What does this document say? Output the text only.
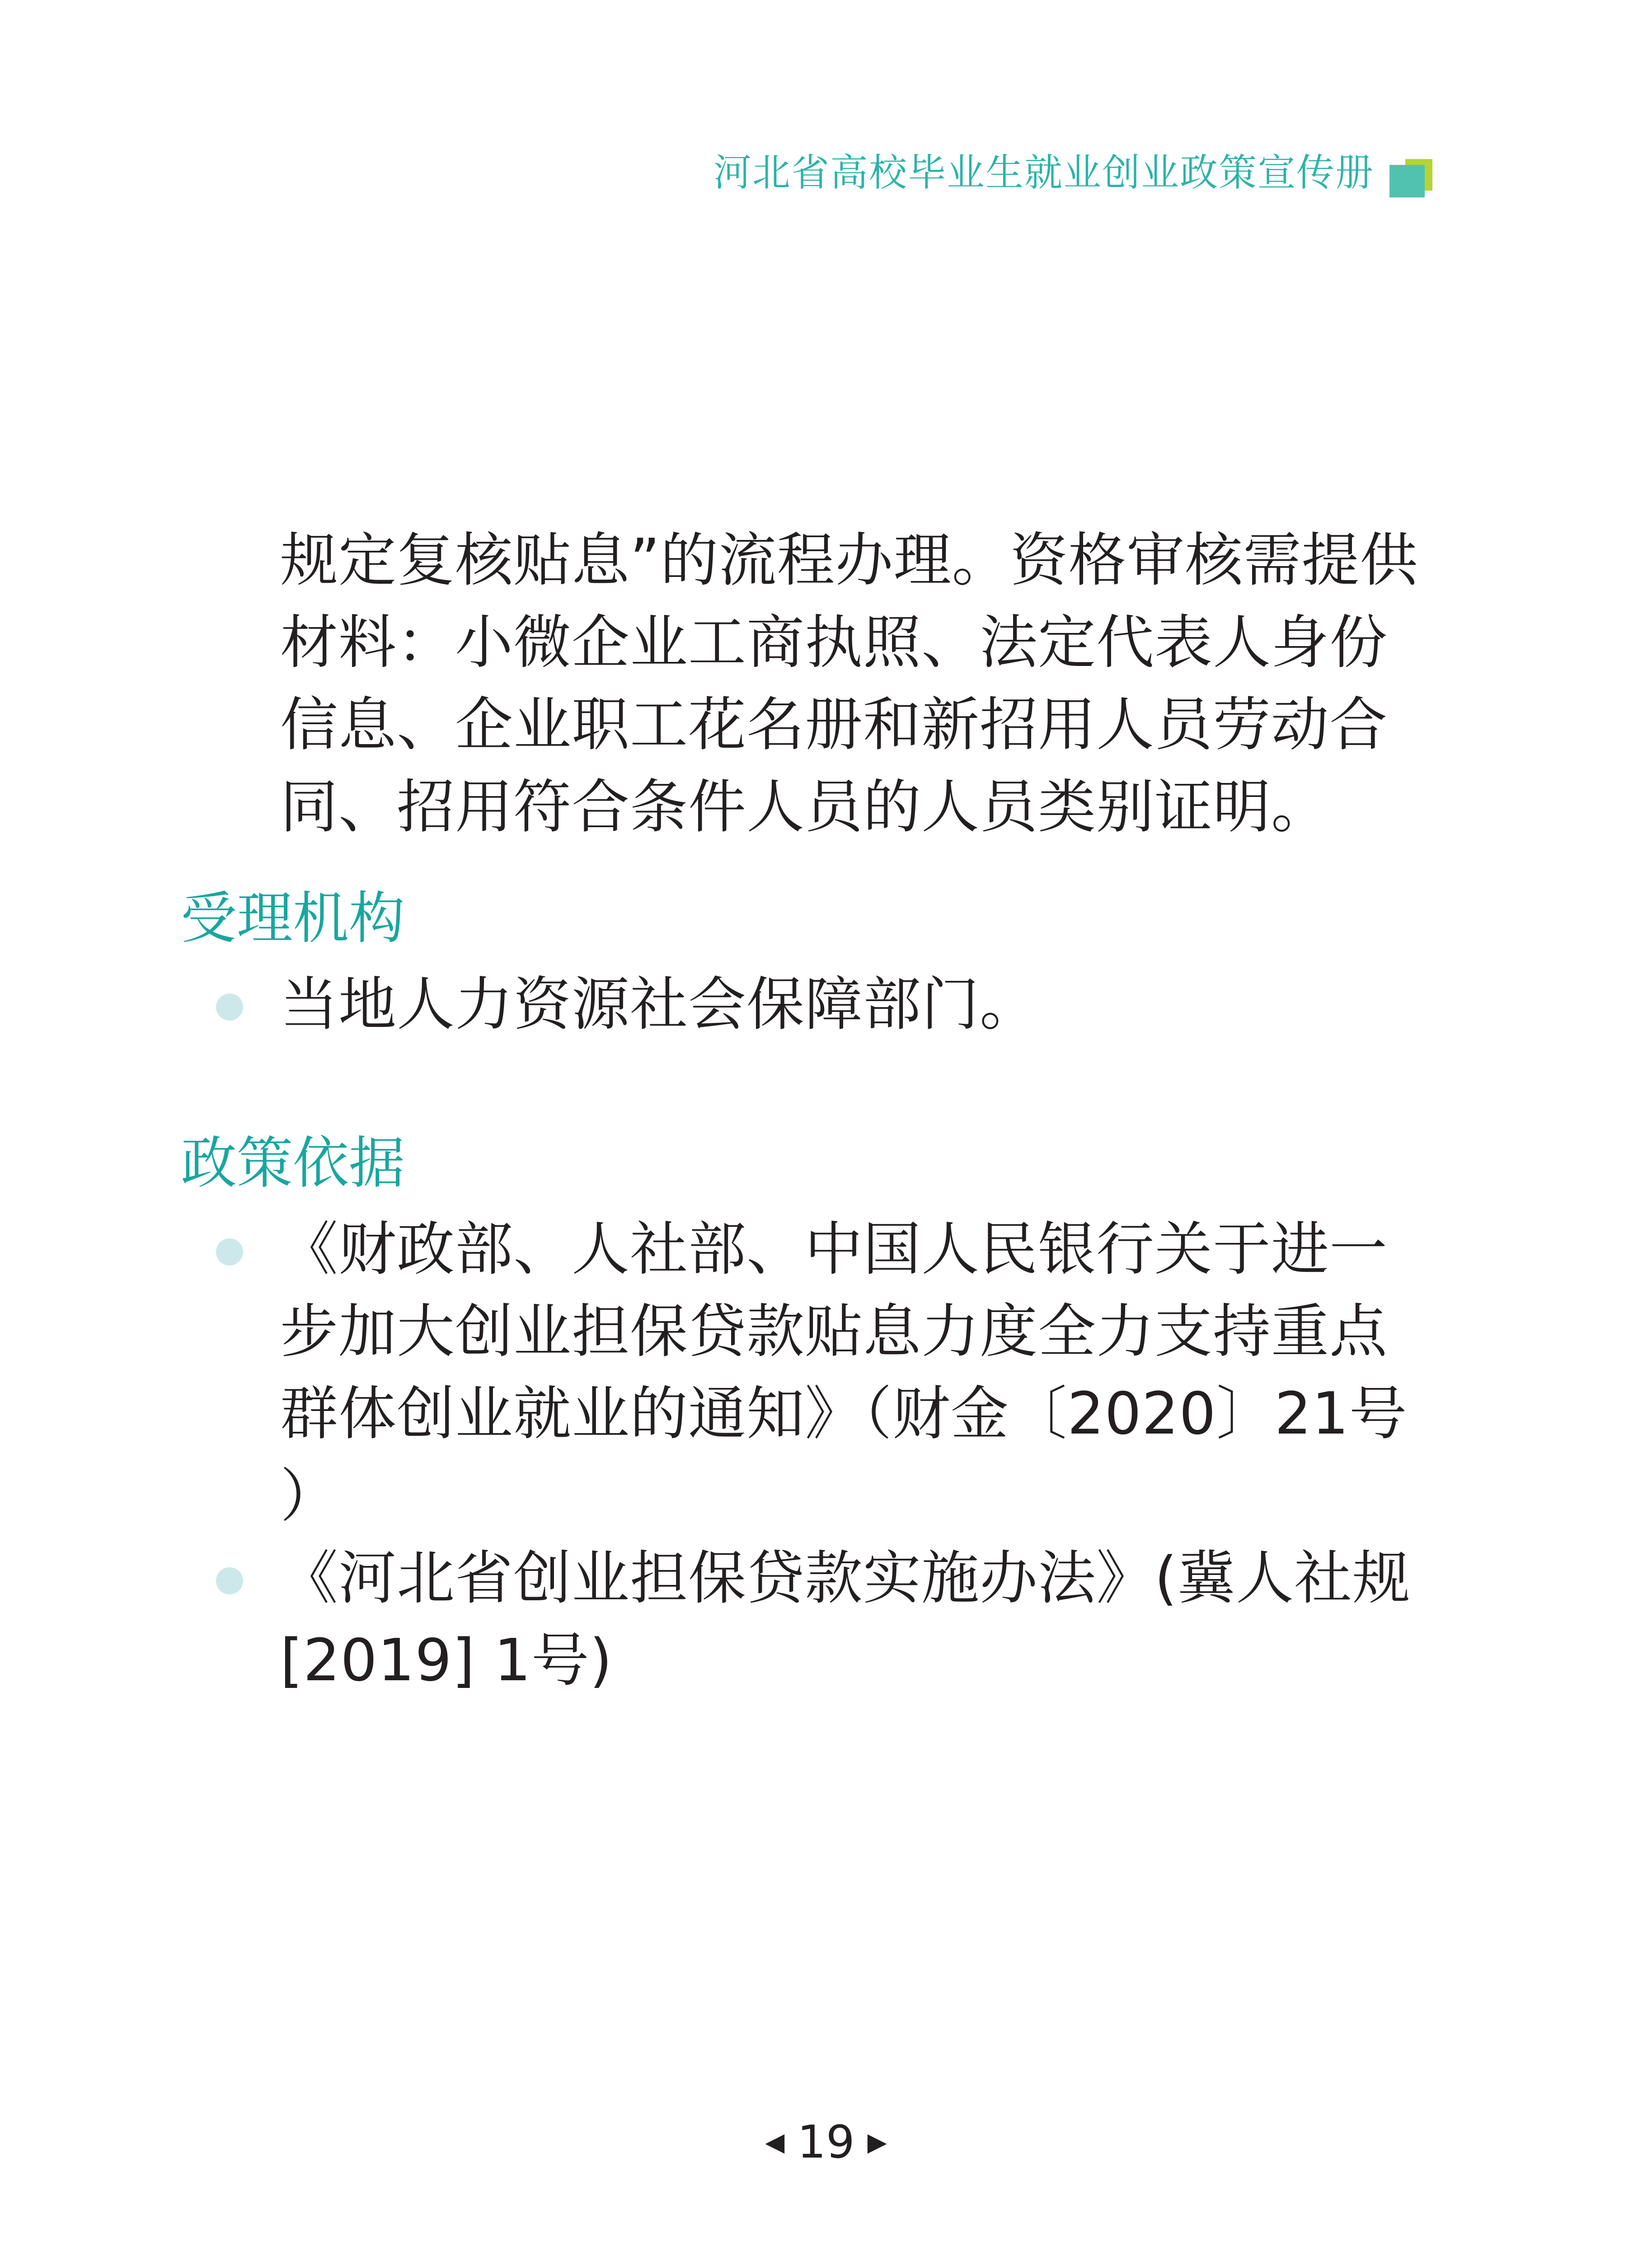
河北省高校毕业生就业创业政策宣传册

规定复核贴息”的流程办理。资格审核需提供材料：小微企业工商执照、法定代表人身份信息、企业职工花名册和新招用人员劳动合同、招用符合条件人员的人员类别证明。

受理机构
当地人力资源社会保障部门。
政策依据
《财政部、人社部、中国人民银行关于进一步加大创业担保贷款贴息力度全力支持重点群体创业就业的通知》（财金〔2020〕21号 ）
《河北省创业担保贷款实施办法》(冀人社规[2019] 1号)
◀ 19 ▶
